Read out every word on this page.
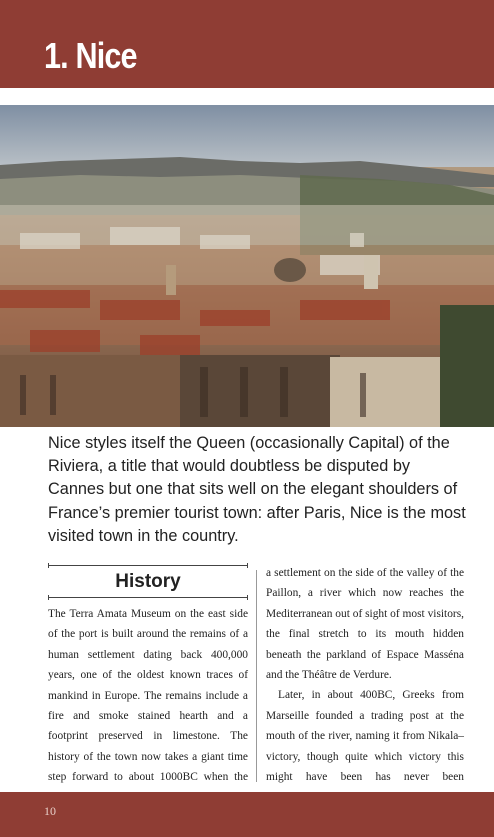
1. Nice

Nice styles itself the Queen (occasionally Capital) of the Riviera, a title that would doubtless be disputed by Cannes but one that sits well on the elegant shoulders of France’s premier tourist town: after Paris, Nice is the most visited town in the country.

History

The Terra Amata Museum on the east side of the port is built around the remains of a human settlement dating back 400,000 years, one of the oldest known traces of mankind in Europe. The remains include a fire and smoke stained hearth and a footprint preserved in limestone. The history of the town now takes a giant time step forward to about 1000BC when the

a settlement on the side of the valley of the Paillon, a river which now reaches the Mediterranean out of sight of most visitors, the final stretch to its mouth hidden beneath the parkland of Espace Masséna and the Théâtre de Verdure.

Later, in about 400BC, Greeks from Marseille founded a trading post at the mouth of the river, naming it from Nikala–victory, though quite which victory this might have been has never been

10
